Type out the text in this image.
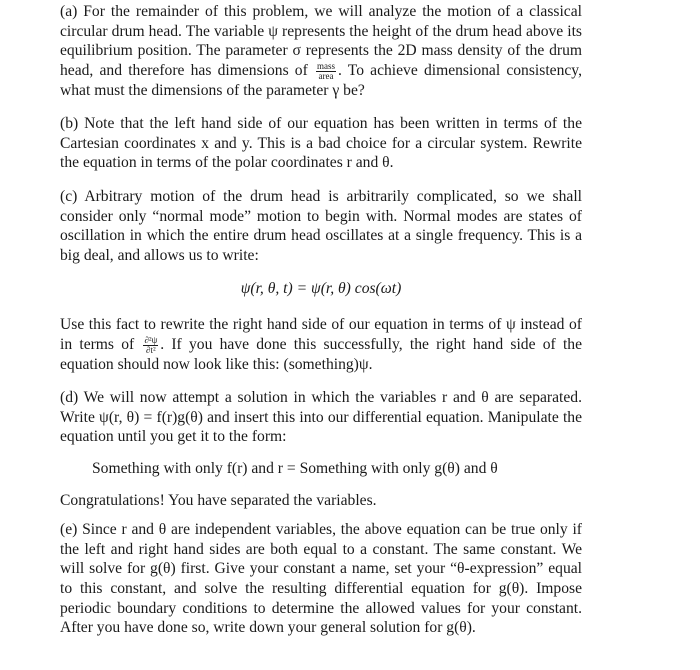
(a) For the remainder of this problem, we will analyze the motion of a classical circular drum head. The variable ψ represents the height of the drum head above its equilibrium position. The parameter σ represents the 2D mass density of the drum head, and therefore has dimensions of $\frac{\text{mass}}{\text{area}}$ . To achieve dimensional consistency, what must the dimensions of the parameter γ be?

(b) Note that the left hand side of our equation has been written in terms of the Cartesian coordinates x and y. This is a bad choice for a circular system. Rewrite the equation in terms of the polar coordinates r and θ.

(c) Arbitrary motion of the drum head is arbitrarily complicated, so we shall consider only “normal mode” motion to begin with. Normal modes are states of oscillation in which the entire drum head oscillates at a single frequency. This is a big deal, and allows us to write:

ψ(r, θ, t) = ψ(r, θ) cos(ωt)

Use this fact to rewrite the right hand side of our equation in terms of ψ instead of in terms of $\frac{\text{∂²ψ}}{\text{∂t²}}$ . If you have done this successfully, the right hand side of the equation should now look like this: (something)ψ.

(d) We will now attempt a solution in which the variables r and θ are separated. Write ψ(r, θ) = f(r)g(θ) and insert this into our differential equation. Manipulate the equation until you get it to the form:

Something with only f(r) and r = Something with only g(θ) and θ

Congratulations! You have separated the variables.

(e) Since r and θ are independent variables, the above equation can be true only if the left and right hand sides are both equal to a constant. The same constant. We will solve for g(θ) first. Give your constant a name, set your “θ-expression” equal to this constant, and solve the resulting differential equation for g(θ). Impose periodic boundary conditions to determine the allowed values for your constant. After you have done so, write down your general solution for g(θ).
